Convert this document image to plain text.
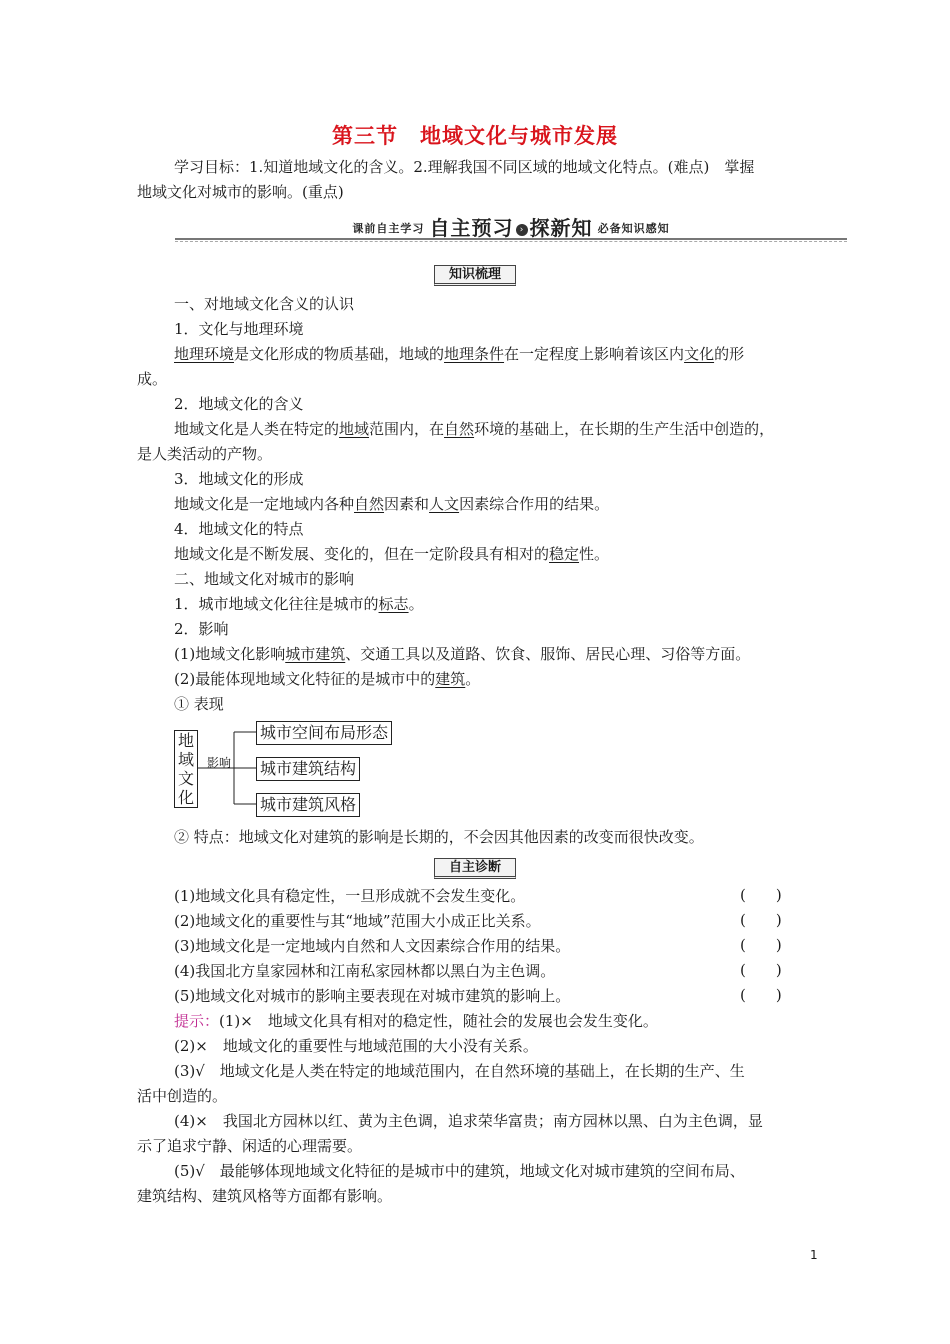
第三节　地域文化与城市发展
学习目标：1.知道地域文化的含义。2.理解我国不同区域的地域文化特点。(难点)　掌握
地域文化对城市的影响。(重点)
课前自主学习 自主预习 › 探新知 必备知识感知
知识梳理
一、对地域文化含义的认识
1．文化与地理环境
地理环境是文化形成的物质基础，地域的地理条件在一定程度上影响着该区内文化的形
成。
2．地域文化的含义
地域文化是人类在特定的地域范围内，在自然环境的基础上，在长期的生产生活中创造的，
是人类活动的产物。
3．地域文化的形成
地域文化是一定地域内各种自然因素和人文因素综合作用的结果。
4．地域文化的特点
地域文化是不断发展、变化的，但在一定阶段具有相对的稳定性。
二、地域文化对城市的影响
1．城市地域文化往往是城市的标志。
2．影响
(1)地域文化影响城市建筑、交通工具以及道路、饮食、服饰、居民心理、习俗等方面。
(2)最能体现地域文化特征的是城市中的建筑。
① 表现
地
域
文
化
影响
城市空间布局形态
城市建筑结构
城市建筑风格
② 特点：地域文化对建筑的影响是长期的，不会因其他因素的改变而很快改变。
自主诊断
(1)地域文化具有稳定性，一旦形成就不会发生变化。	(　　)
(2)地域文化的重要性与其“地域”范围大小成正比关系。	(　　)
(3)地域文化是一定地域内自然和人文因素综合作用的结果。	(　　)
(4)我国北方皇家园林和江南私家园林都以黑白为主色调。	(　　)
(5)地域文化对城市的影响主要表现在对城市建筑的影响上。	(　　)
提示：(1)×　地域文化具有相对的稳定性，随社会的发展也会发生变化。
(2)×　地域文化的重要性与地域范围的大小没有关系。
(3)√　地域文化是人类在特定的地域范围内，在自然环境的基础上，在长期的生产、生
活中创造的。
(4)×　我国北方园林以红、黄为主色调，追求荣华富贵；南方园林以黑、白为主色调，显
示了追求宁静、闲适的心理需要。
(5)√　最能够体现地域文化特征的是城市中的建筑，地域文化对城市建筑的空间布局、
建筑结构、建筑风格等方面都有影响。
1
